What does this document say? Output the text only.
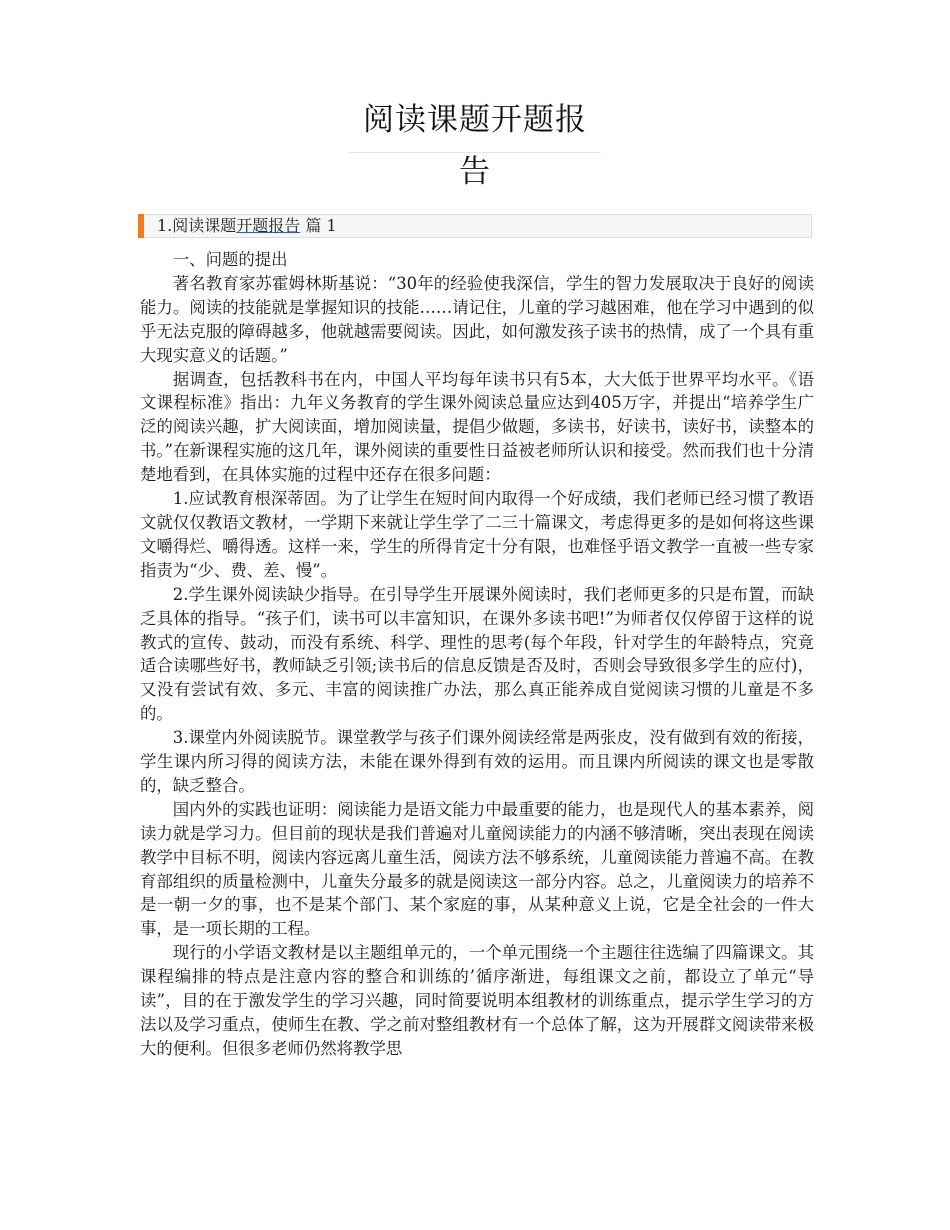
阅读课题开题报告
1.阅读课题开题报告 篇 1

一、问题的提出

著名教育家苏霍姆林斯基说：“30年的经验使我深信，学生的智力发展取决于良好的阅读能力。阅读的技能就是掌握知识的技能……请记住，儿童的学习越困难，他在学习中遇到的似乎无法克服的障碍越多，他就越需要阅读。因此，如何激发孩子读书的热情，成了一个具有重大现实意义的话题。”

据调查，包括教科书在内，中国人平均每年读书只有5本，大大低于世界平均水平。《语文课程标准》指出：九年义务教育的学生课外阅读总量应达到405万字，并提出“培养学生广泛的阅读兴趣，扩大阅读面，增加阅读量，提倡少做题，多读书，好读书，读好书，读整本的书。”在新课程实施的这几年，课外阅读的重要性日益被老师所认识和接受。然而我们也十分清楚地看到，在具体实施的过程中还存在很多问题：

1.应试教育根深蒂固。为了让学生在短时间内取得一个好成绩，我们老师已经习惯了教语文就仅仅教语文教材，一学期下来就让学生学了二三十篇课文，考虑得更多的是如何将这些课文嚼得烂、嚼得透。这样一来，学生的所得肯定十分有限，也难怪乎语文教学一直被一些专家指责为“少、费、差、慢”。

2.学生课外阅读缺少指导。在引导学生开展课外阅读时，我们老师更多的只是布置，而缺乏具体的指导。“孩子们，读书可以丰富知识，在课外多读书吧!”为师者仅仅停留于这样的说教式的宣传、鼓动，而没有系统、科学、理性的思考(每个年段，针对学生的年龄特点，究竟适合读哪些好书，教师缺乏引领;读书后的信息反馈是否及时，否则会导致很多学生的应付)，又没有尝试有效、多元、丰富的阅读推广办法，那么真正能养成自觉阅读习惯的儿童是不多的。

3.课堂内外阅读脱节。课堂教学与孩子们课外阅读经常是两张皮，没有做到有效的衔接，学生课内所习得的阅读方法，未能在课外得到有效的运用。而且课内所阅读的课文也是零散的，缺乏整合。

国内外的实践也证明：阅读能力是语文能力中最重要的能力，也是现代人的基本素养，阅读力就是学习力。但目前的现状是我们普遍对儿童阅读能力的内涵不够清晰，突出表现在阅读教学中目标不明，阅读内容远离儿童生活，阅读方法不够系统，儿童阅读能力普遍不高。在教育部组织的质量检测中，儿童失分最多的就是阅读这一部分内容。总之，儿童阅读力的培养不是一朝一夕的事，也不是某个部门、某个家庭的事，从某种意义上说，它是全社会的一件大事，是一项长期的工程。

现行的小学语文教材是以主题组单元的，一个单元围绕一个主题往往选编了四篇课文。其课程编排的特点是注意内容的整合和训练的’循序渐进，每组课文之前，都设立了单元“导读”，目的在于激发学生的学习兴趣，同时简要说明本组教材的训练重点，提示学生学习的方法以及学习重点，使师生在教、学之前对整组教材有一个总体了解，这为开展群文阅读带来极大的便利。但很多老师仍然将教学思
